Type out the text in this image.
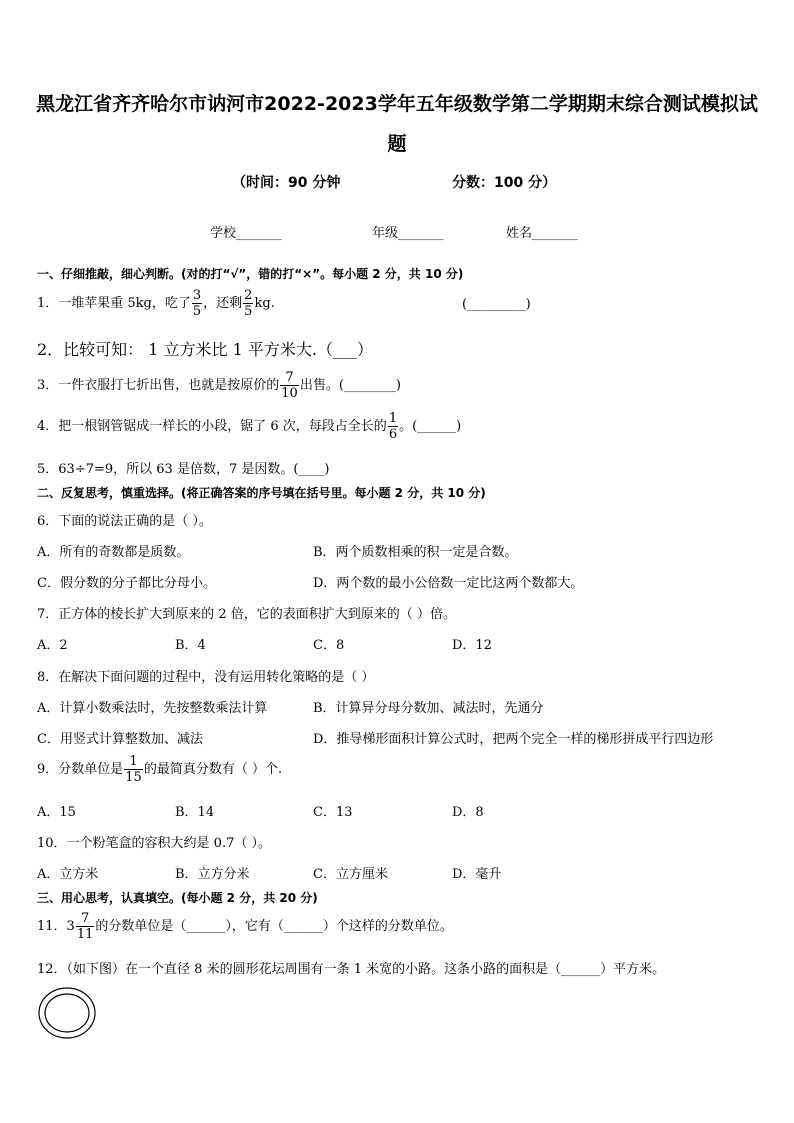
黑龙江省齐齐哈尔市讷河市2022-2023学年五年级数学第二学期期末综合测试模拟试
题
（时间：90 分钟	分数：100 分）
学校_______	年级_______	姓名_______
一、仔细推敲，细心判断。(对的打“√”，错的打“×”。每小题 2 分，共 10 分)
1．一堆苹果重 5kg，吃了 $\frac{3}{5}$ ，还剩 $\frac{2}{5}$ kg.	(_________)
2．比较可知： 1 立方米比 1 平方米大.（___）
3．一件衣服打七折出售，也就是按原价的 $\frac{7}{10}$ 出售。(________)
4．把一根钢管锯成一样长的小段，锯了 6 次，每段占全长的 $\frac{1}{6}$ 。(______)
5．63÷7=9，所以 63 是倍数，7 是因数。(____)
二、反复思考，慎重选择。(将正确答案的序号填在括号里。每小题 2 分，共 10 分)
6．下面的说法正确的是（ ）。
A．所有的奇数都是质数。	B．两个质数相乘的积一定是合数。
C．假分数的分子都比分母小。	D．两个数的最小公倍数一定比这两个数都大。
7．正方体的棱长扩大到原来的 2 倍，它的表面积扩大到原来的（ ）倍。
A．2	B．4	C．8	D．12
8．在解决下面问题的过程中，没有运用转化策略的是（ ）
A．计算小数乘法时，先按整数乘法计算	B．计算异分母分数加、减法时，先通分
C．用竖式计算整数加、减法	D．推导梯形面积计算公式时，把两个完全一样的梯形拼成平行四边形
9．分数单位是 $\frac{1}{15}$ 的最简真分数有（ ）个.
A．15	B．14	C．13	D．8
10．一个粉笔盒的容积大约是 0.7（ ）。
A．立方米	B．立方分米	C．立方厘米	D．毫升
三、用心思考，认真填空。(每小题 2 分，共 20 分)
11．$3 \frac{7}{11}$ 的分数单位是（______），它有（______）个这样的分数单位。
12．（如下图）在一个直径 8 米的圆形花坛周围有一条 1 米宽的小路。这条小路的面积是（______）平方米。
